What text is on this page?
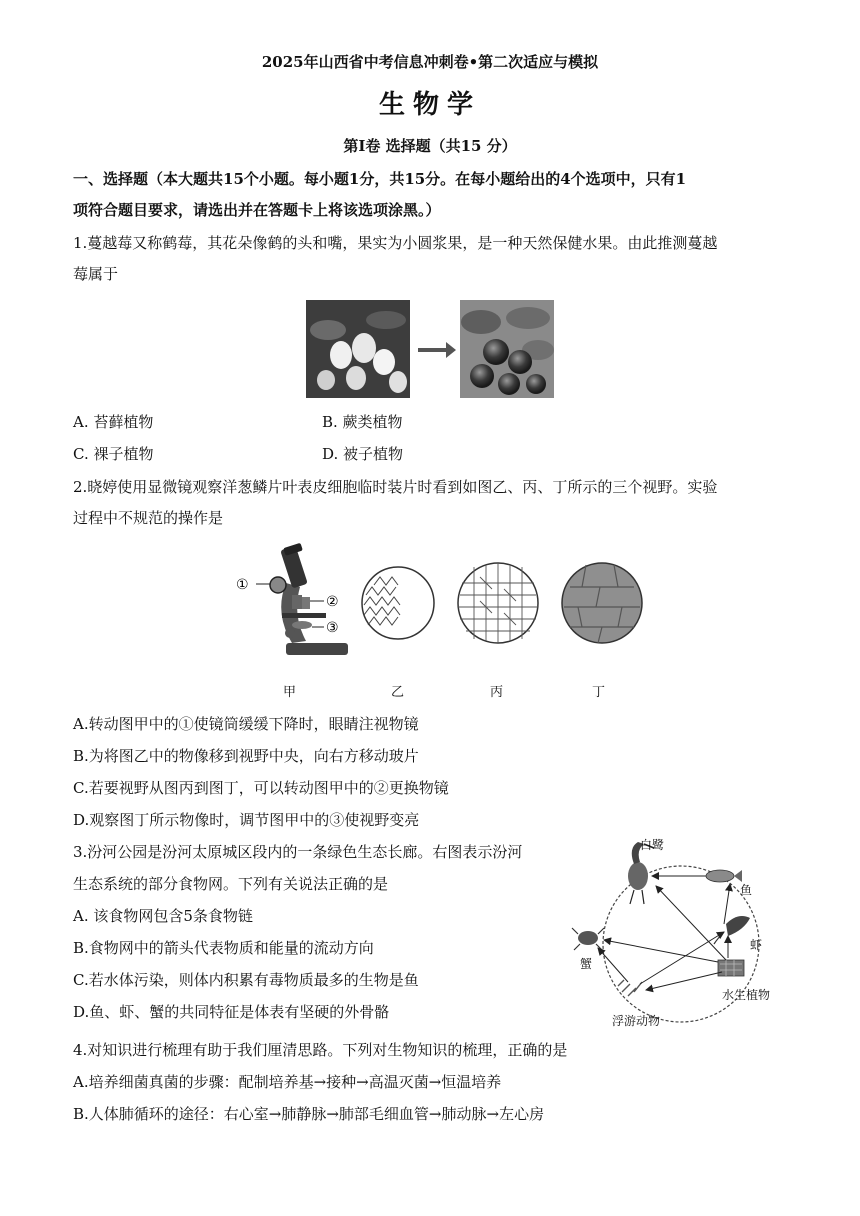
2025年山西省中考信息冲刺卷•第二次适应与模拟
生物学
第Ⅰ卷 选择题（共15 分）
一、选择题（本大题共15个小题。每小题1分，共15分。在每小题给出的4个选项中，只有1
项符合题目要求，请选出并在答题卡上将该选项涂黑。）
1.蔓越莓又称鹤莓，其花朵像鹤的头和嘴，果实为小圆浆果，是一种天然保健水果。由此推测蔓越
莓属于
A. 苔藓植物	B. 蕨类植物
C. 裸子植物	D. 被子植物
2.晓婷使用显微镜观察洋葱鳞片叶表皮细胞临时装片时看到如图乙、丙、丁所示的三个视野。实验
过程中不规范的操作是
①
②
③
甲	乙	丙	丁
A.转动图甲中的①使镜筒缓缓下降时，眼睛注视物镜
B.为将图乙中的物像移到视野中央，向右方移动玻片
C.若要视野从图丙到图丁，可以转动图甲中的②更换物镜
D.观察图丁所示物像时，调节图甲中的③使视野变亮
3.汾河公园是汾河太原城区段内的一条绿色生态长廊。右图表示汾河
生态系统的部分食物网。下列有关说法正确的是
A. 该食物网包含5条食物链
B.食物网中的箭头代表物质和能量的流动方向
C.若水体污染，则体内积累有毒物质最多的生物是鱼
D.鱼、虾、蟹的共同特征是体表有坚硬的外骨骼
白鹭
鱼
虾
蟹
水生植物
浮游动物
4.对知识进行梳理有助于我们厘清思路。下列对生物知识的梳理，正确的是
A.培养细菌真菌的步骤：配制培养基→接种→高温灭菌→恒温培养
B.人体肺循环的途径：右心室→肺静脉→肺部毛细血管→肺动脉→左心房
